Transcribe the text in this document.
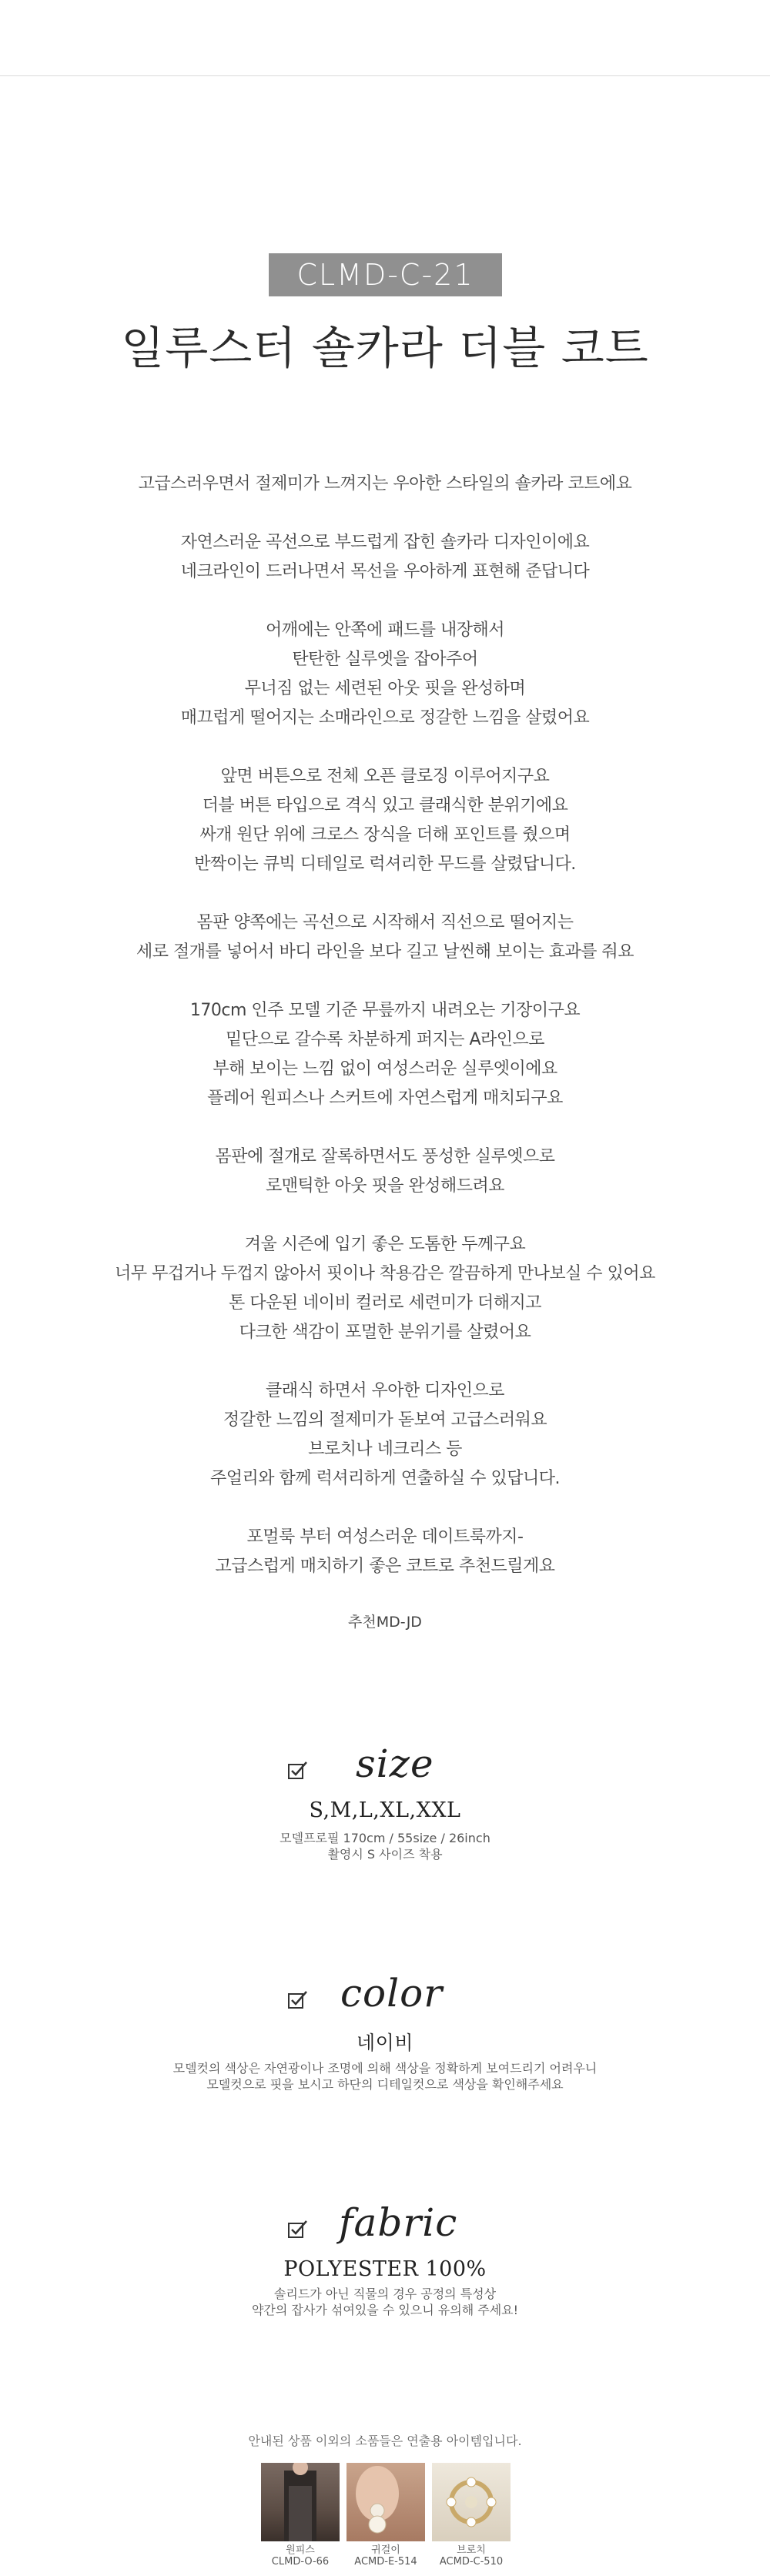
CLMD-C-21
일루스터 숄카라 더블 코트
고급스러우면서 절제미가 느껴지는 우아한 스타일의 숄카라 코트에요
자연스러운 곡선으로 부드럽게 잡힌 숄카라 디자인이에요
네크라인이 드러나면서 목선을 우아하게 표현해 준답니다
어깨에는 안쪽에 패드를 내장해서
탄탄한 실루엣을 잡아주어
무너짐 없는 세련된 아웃 핏을 완성하며
매끄럽게 떨어지는 소매라인으로 정갈한 느낌을 살렸어요
앞면 버튼으로 전체 오픈 클로징 이루어지구요
더블 버튼 타입으로 격식 있고 클래식한 분위기에요
싸개 원단 위에 크로스 장식을 더해 포인트를 줬으며
반짝이는 큐빅 디테일로 럭셔리한 무드를 살렸답니다.
몸판 양쪽에는 곡선으로 시작해서 직선으로 떨어지는
세로 절개를 넣어서 바디 라인을 보다 길고 날씬해 보이는 효과를 줘요
170cm 인주 모델 기준 무릎까지 내려오는 기장이구요
밑단으로 갈수록 차분하게 퍼지는 A라인으로
부해 보이는 느낌 없이 여성스러운 실루엣이에요
플레어 원피스나 스커트에 자연스럽게 매치되구요
몸판에 절개로 잘록하면서도 풍성한 실루엣으로
로맨틱한 아웃 핏을 완성해드려요
겨울 시즌에 입기 좋은 도톰한 두께구요
너무 무겁거나 두껍지 않아서 핏이나 착용감은 깔끔하게 만나보실 수 있어요
톤 다운된 네이비 컬러로 세련미가 더해지고
다크한 색감이 포멀한 분위기를 살렸어요
클래식 하면서 우아한 디자인으로
정갈한 느낌의 절제미가 돋보여 고급스러워요
브로치나 네크리스 등
주얼리와 함께 럭셔리하게 연출하실 수 있답니다.
포멀룩 부터 여성스러운 데이트룩까지-
고급스럽게 매치하기 좋은 코트로 추천드릴게요
추천MD-JD
size
S,M,L,XL,XXL
모델프로필 170cm / 55size / 26inch
촬영시 S 사이즈 착용
color
네이비
모델컷의 색상은 자연광이나 조명에 의해 색상을 정확하게 보여드리기 어려우니
모델컷으로 핏을 보시고 하단의 디테일컷으로 색상을 확인해주세요
fabric
POLYESTER 100%
솔리드가 아닌 직물의 경우 공정의 특성상
약간의 잡사가 섞여있을 수 있으니 유의해 주세요!
안내된 상품 이외의 소품들은 연출용 아이템입니다.
원피스
CLMD-O-66
귀걸이
ACMD-E-514
브로치
ACMD-C-510
